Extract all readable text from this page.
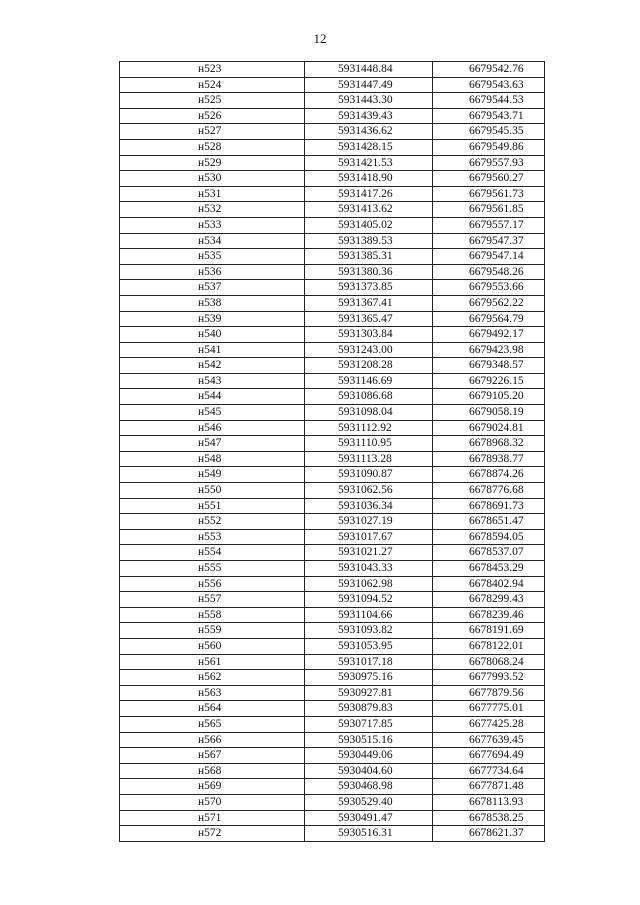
12
н523	5931448.84	6679542.76
н524	5931447.49	6679543.63
н525	5931443.30	6679544.53
н526	5931439.43	6679543.71
н527	5931436.62	6679545.35
н528	5931428.15	6679549.86
н529	5931421.53	6679557.93
н530	5931418.90	6679560.27
н531	5931417.26	6679561.73
н532	5931413.62	6679561.85
н533	5931405.02	6679557.17
н534	5931389.53	6679547.37
н535	5931385.31	6679547.14
н536	5931380.36	6679548.26
н537	5931373.85	6679553.66
н538	5931367.41	6679562.22
н539	5931365.47	6679564.79
н540	5931303.84	6679492.17
н541	5931243.00	6679423.98
н542	5931208.28	6679348.57
н543	5931146.69	6679226.15
н544	5931086.68	6679105.20
н545	5931098.04	6679058.19
н546	5931112.92	6679024.81
н547	5931110.95	6678968.32
н548	5931113.28	6678938.77
н549	5931090.87	6678874.26
н550	5931062.56	6678776.68
н551	5931036.34	6678691.73
н552	5931027.19	6678651.47
н553	5931017.67	6678594.05
н554	5931021.27	6678537.07
н555	5931043.33	6678453.29
н556	5931062.98	6678402.94
н557	5931094.52	6678299.43
н558	5931104.66	6678239.46
н559	5931093.82	6678191.69
н560	5931053.95	6678122.01
н561	5931017.18	6678068.24
н562	5930975.16	6677993.52
н563	5930927.81	6677879.56
н564	5930879.83	6677775.01
н565	5930717.85	6677425.28
н566	5930515.16	6677639.45
н567	5930449.06	6677694.49
н568	5930404.60	6677734.64
н569	5930468.98	6677871.48
н570	5930529.40	6678113.93
н571	5930491.47	6678538.25
н572	5930516.31	6678621.37
